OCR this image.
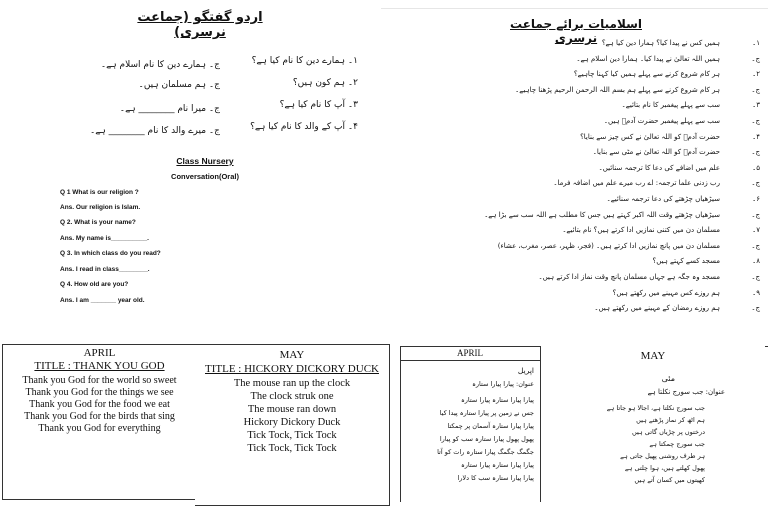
اردو گفتگو (جماعت نرسری)
۱۔ ہمارے دین کا نام کیا ہے؟
ج۔ ہمارے دین کا نام اسلام ہے۔
۲۔ ہم کون ہیں؟
ج۔ ہم مسلمان ہیں۔
۳۔ آپ کا نام کیا ہے؟
ج۔ میرا نام ________ ہے۔
۴۔ آپ کے والد کا نام کیا ہے؟
ج۔ میرے والد کا نام ________ ہے۔
Class Nursery
Conversation(Oral)
Q 1 What is our religion ?
Ans. Our religion is Islam.
Q 2. What is your name?
Ans. My name is__________.
Q 3. In which class do you read?
Ans. I read in class________.
Q 4. How old are you?
Ans. I am _______ year old.
اسلامیات برائے جماعت نرسری	۱۔
ہمیں کس نے پیدا کیا؟ ہمارا دین کیا ہے؟
ج۔
ہمیں اللہ تعالیٰ نے پیدا کیا۔ ہمارا دین اسلام ہے۔
۲۔
ہر کام شروع کرنے سے پہلے ہمیں کیا کہنا چاہیے؟
ج۔
ہر کام شروع کرنے سے پہلے ہم بسم اللہ الرحمن الرحیم پڑھنا چاہیے۔
۳۔
سب سے پہلے پیغمبر کا نام بتائیے۔
ج۔
سب سے پہلے پیغمبر حضرت آدمؑ ہیں۔
۴۔
حضرت آدمؑ کو اللہ تعالیٰ نے کس چیز سے بنایا؟
ج۔
حضرت آدمؑ کو اللہ تعالیٰ نے مٹی سے بنایا۔
۵۔
علم میں اضافے کی دعا کا ترجمہ سنائیں۔
ج۔
رب زدنی علما ترجمہ: اے رب میرے علم میں اضافہ فرما۔
۶۔
سیڑھیاں چڑھتے کی دعا ترجمہ سنائیے۔
ج۔
سیڑھیاں چڑھتے وقت اللہ اکبر کہتے ہیں جس کا مطلب ہے اللہ سب سے بڑا ہے۔
۷۔
مسلمان دن میں کتنی نمازیں ادا کرتے ہیں؟ نام بتائیے۔
ج۔
مسلمان دن میں پانچ نمازیں ادا کرتے ہیں۔ (فجر، ظہر، عصر، مغرب، عشاء)
۸۔
مسجد کسے کہتے ہیں؟
ج۔
مسجد وہ جگہ ہے جہاں مسلمان پانچ وقت نماز ادا کرتے ہیں۔
۹۔
ہم روزے کس مہینے میں رکھتے ہیں؟
ج۔
ہم روزے رمضان کے مہینے میں رکھتے ہیں۔
APRIL
TITLE : THANK YOU GOD
Thank you God for the world so sweet
Thank you God for the things we see
Thank you God for the food we eat
Thank you God for the birds that sing
Thank you God for everything
MAY
TITLE : HICKORY DICKORY DUCK
The mouse ran up the clock
The clock struk one
The mouse ran down
Hickory Dickory Duck
Tick Tock, Tick Tock
Tick Tock, Tick Tock
APRIL
اپریل
عنوان: پیارا پیارا ستارہ
پیارا پیارا ستارہ پیارا ستارہ
جس نے زمین پر پیارا ستارہ پیدا کیا
پیارا پیارا ستارہ آسمان پر چمکتا
پھول پھول پیارا ستارہ سب کو پیارا
جگمگ جگمگ پیارا ستارہ رات کو آتا
پیارا پیارا ستارہ پیارا ستارہ
پیارا پیارا ستارہ سب کا دلارا
MAY
مئی
عنوان: جب سورج نکلتا ہے
جب سورج نکلتا ہے، اجالا ہو جاتا ہے
ہم اٹھ کر نماز پڑھتے ہیں
درختوں پر چڑیاں گاتی ہیں
جب سورج چمکتا ہے
ہر طرف روشنی پھیل جاتی ہے
پھول کھلتے ہیں، ہوا چلتی ہے
کھیتوں میں کسان آتے ہیں
